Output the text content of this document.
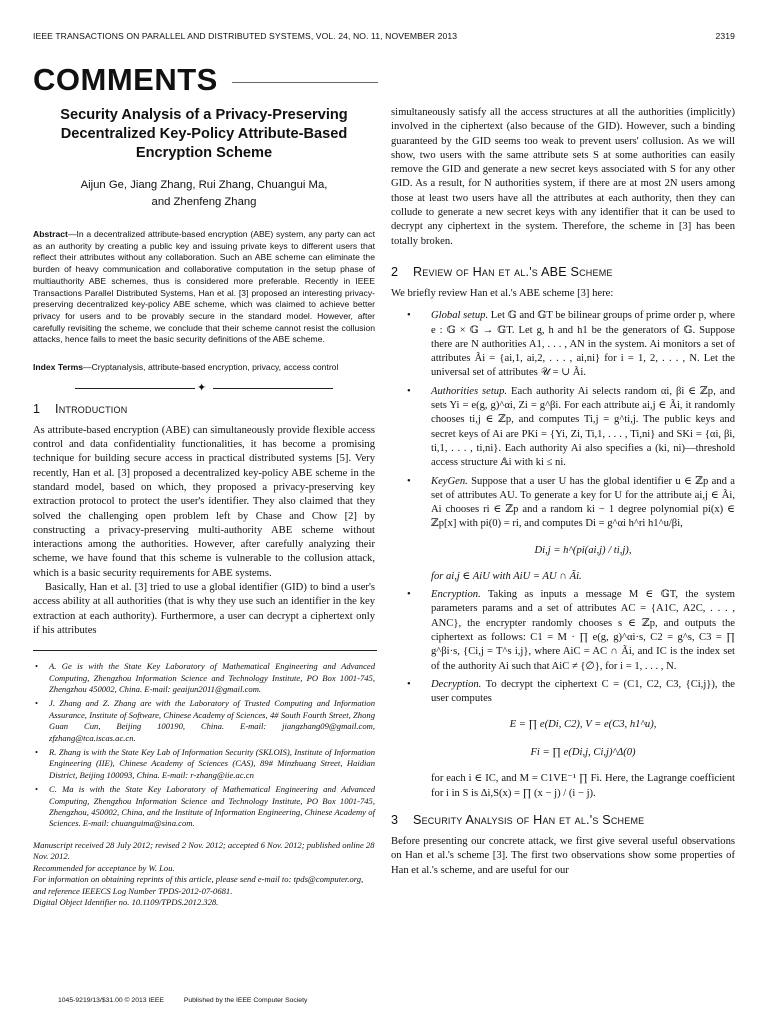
IEEE TRANSACTIONS ON PARALLEL AND DISTRIBUTED SYSTEMS, VOL. 24, NO. 11, NOVEMBER 2013	2319
COMMENTS
Security Analysis of a Privacy-Preserving Decentralized Key-Policy Attribute-Based Encryption Scheme
Aijun Ge, Jiang Zhang, Rui Zhang, Chuangui Ma,
and Zhenfeng Zhang
Abstract—In a decentralized attribute-based encryption (ABE) system, any party can act as an authority by creating a public key and issuing private keys to different users that reflect their attributes without any collaboration. Such an ABE scheme can eliminate the burden of heavy communication and collaborative computation in the setup phase of multiauthority ABE schemes, thus is considered more preferable. Recently in IEEE Transactions Parallel Distributed Systems, Han et al. [3] proposed an interesting privacy-preserving decentralized key-policy ABE scheme, which was claimed to achieve better privacy for users and to be provably secure in the standard model. However, after carefully revisiting the scheme, we conclude that their scheme cannot resist the collusion attacks, hence fails to meet the basic security definitions of the ABE scheme.
Index Terms—Cryptanalysis, attribute-based encryption, privacy, access control
✦
1 Introduction

As attribute-based encryption (ABE) can simultaneously provide flexible access control and data confidentiality functionalities, it has become a promising technique for building secure access in practical distributed systems [5]. Very recently, Han et al. [3] proposed a decentralized key-policy ABE scheme in the standard model, based on which, they proposed a privacy-preserving key extraction protocol to protect the user's identifier. They also claimed that they solved the challenging open problem left by Chase and Chow [2] by constructing a privacy-preserving multi-authority ABE scheme without interactions among the authorities. However, after carefully analyzing their scheme, we have found that this scheme is vulnerable to the collusion attack, which is a basic security requirements for ABE systems.

Basically, Han et al. [3] tried to use a global identifier (GID) to bind a user's access ability at all authorities (that is why they use such an identifier in the key extraction at each authority). Furthermore, a user can decrypt a ciphertext only if his attributes

• A. Ge is with the State Key Laboratory of Mathematical Engineering and Advanced Computing, Zhengzhou Information Science and Technology Institute, PO Box 1001-745, Zhengzhou 450002, China. E-mail: geaijun2011@gmail.com.
• J. Zhang and Z. Zhang are with the Laboratory of Trusted Computing and Information Assurance, Institute of Software, Chinese Academy of Sciences, 4# South Fourth Street, Zhong Guan Cun, Beijing 100190, China. E-mail: jiangzhang09@gmail.com, zfzhang@tca.iscas.ac.cn.
• R. Zhang is with the State Key Lab of Information Security (SKLOIS), Institute of Information Engineering (IIE), Chinese Academy of Sciences (CAS), 89# Minzhuang Street, Haidian District, Beijing 100093, China. E-mail: r-zhang@iie.ac.cn
• C. Ma is with the State Key Laboratory of Mathematical Engineering and Advanced Computing, Zhengzhou Information Science and Technology Institute, PO Box 1001-745, Zhengzhou, 450002, China, and the Institute of Information Engineering, Chinese Academy of Sciences. E-mail: chuanguima@sina.com.
Manuscript received 28 July 2012; revised 2 Nov. 2012; accepted 6 Nov. 2012; published online 28 Nov. 2012.
Recommended for acceptance by W. Lou.
For information on obtaining reprints of this article, please send e-mail to: tpds@computer.org, and reference IEEECS Log Number TPDS-2012-07-0681.
Digital Object Identifier no. 10.1109/TPDS.2012.328.

simultaneously satisfy all the access structures at all the authorities (implicitly) involved in the ciphertext (also because of the GID). However, such a binding guaranteed by the GID seems too weak to prevent users' collusion. As we will show, two users with the same attribute sets S at some authorities can easily remove the GID and generate a new secret keys associated with S for any other GID. As a result, for N authorities system, if there are at most 2N users among those at least two users have all the attributes at each authority, then they can collude to generate a new secret keys with any identifier that it can be used to decrypt any ciphertext in the system. Therefore, the scheme in [3] has been totally broken.

2 Review of Han et al.'s ABE Scheme

We briefly review Han et al.'s ABE scheme [3] here:

• Global setup. Let 𝔾 and 𝔾T be bilinear groups of prime order p, where e : 𝔾 × 𝔾 → 𝔾T. Let g, h and h1 be the generators of 𝔾. Suppose there are N authorities A1, . . . , AN in the system. Ai monitors a set of attributes Ãi = {ai,1, ai,2, . . . , ai,ni} for i = 1, 2, . . . , N. Let the universal set of attributes 𝒰 = ∪ Ãi.
• Authorities setup. Each authority Ai selects random αi, βi ∈ ℤp, and sets Yi = e(g, g)^αi, Zi = g^βi. For each attribute ai,j ∈ Ãi, it randomly chooses ti,j ∈ ℤp, and computes Ti,j = g^ti,j. The public keys and secret keys of Ai are PKi = {Yi, Zi, Ti,1, . . . , Ti,ni} and SKi = {αi, βi, ti,1, . . . , ti,ni}. Each authority Ai also specifies a (ki, ni)—threshold access structure 𝔸i with ki ≤ ni.
• KeyGen. Suppose that a user U has the global identifier u ∈ ℤp and a set of attributes AU. To generate a key for U for the attribute ai,j ∈ Ãi, Ai chooses ri ∈ ℤp and a random ki − 1 degree polynomial pi(x) ∈ ℤp[x] with pi(0) = ri, and computes Di = g^αi h^ri h1^u/βi,
Di,j = h^(pi(ai,j) / ti,j),
for ai,j ∈ AiU with AiU = AU ∩ Ãi.
• Encryption. Taking as inputs a message M ∈ 𝔾T, the system parameters params and a set of attributes AC = {A1C, A2C, . . . , ANC}, the encrypter randomly chooses s ∈ ℤp, and outputs the ciphertext as follows: C1 = M · ∏ e(g, g)^αi·s, C2 = g^s, C3 = ∏ g^βi·s, {Ci,j = T^s i,j}, where AiC = AC ∩ Ãi, and IC is the index set of the authority Ai such that AiC ≠ {∅}, for i = 1, . . . , N.
• Decryption. To decrypt the ciphertext C = (C1, C2, C3, {Ci,j}), the user computes
E = ∏ e(Di, C2), V = e(C3, h1^u),
Fi = ∏ e(Di,j, Ci,j)^Δ(0)
for each i ∈ IC, and M = C1VE⁻¹ ∏ Fi. Here, the Lagrange coefficient for i in S is Δi,S(x) = ∏ (x − j) / (i − j).
3 Security Analysis of Han et al.'s Scheme

Before presenting our concrete attack, we first give several useful observations on Han et al.'s scheme [3]. The first two observations show some properties of Han et al.'s scheme, and are useful for our

1045-9219/13/$31.00 © 2013 IEEE	Published by the IEEE Computer Society
